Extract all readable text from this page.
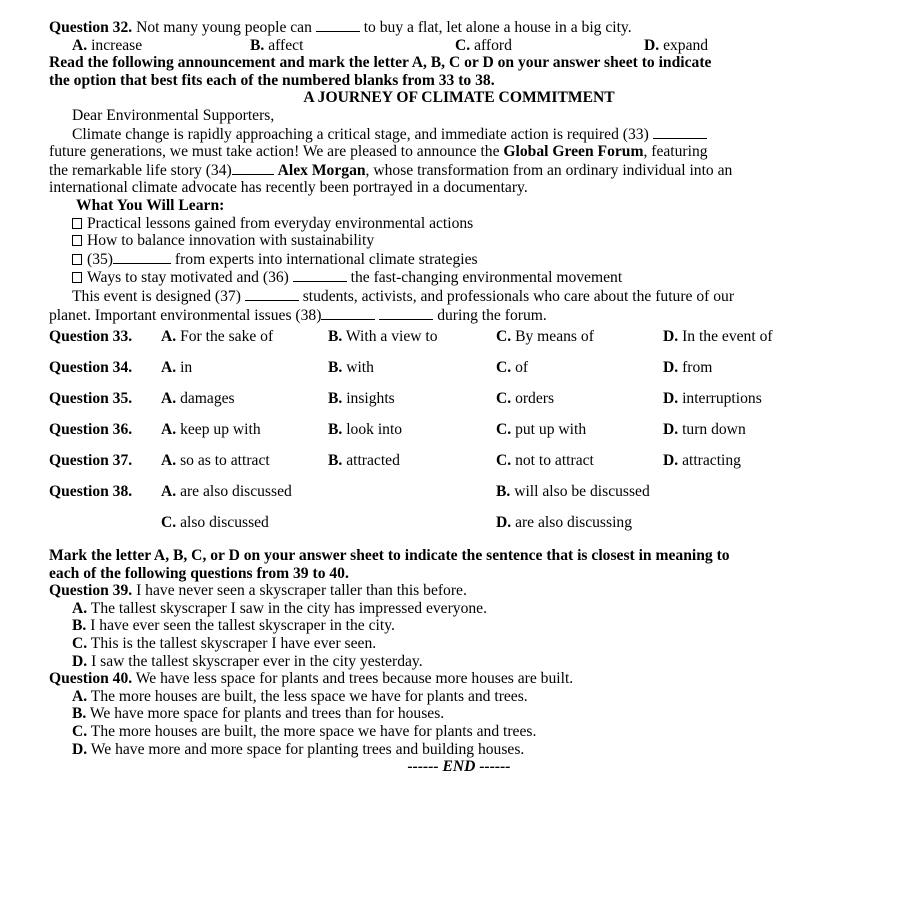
Question 32. Not many young people can	to buy a flat, let alone a house in a big city.
A. increase	B. affect	C. afford	D. expand
Read the following announcement and mark the letter A, B, C or D on your answer sheet to indicate
the option that best fits each of the numbered blanks from 33 to 38.
A JOURNEY OF CLIMATE COMMITMENT
Dear Environmental Supporters,
Climate change is rapidly approaching a critical stage, and immediate action is required (33)
future generations, we must take action! We are pleased to announce the Global Green Forum, featuring
the remarkable life story (34)	Alex Morgan, whose transformation from an ordinary individual into an
international climate advocate has recently been portrayed in a documentary.
What You Will Learn:
Practical lessons gained from everyday environmental actions
How to balance innovation with sustainability
(35)	from experts into international climate strategies
Ways to stay motivated and (36)	the fast-changing environmental movement
This event is designed (37)	students, activists, and professionals who care about the future of our
planet. Important environmental issues (38)	during the forum.
Question 33. A. For the sake of	B. With a view to	C. By means of	D. In the event of
Question 34. A. in	B. with	C. of	D. from
Question 35. A. damages	B. insights	C. orders	D. interruptions
Question 36. A. keep up with	B. look into	C. put up with	D. turn down
Question 37. A. so as to attract	B. attracted	C. not to attract	D. attracting
Question 38. A. are also discussed	B. will also be discussed
C. also discussed	D. are also discussing
Mark the letter A, B, C, or D on your answer sheet to indicate the sentence that is closest in meaning to
each of the following questions from 39 to 40.
Question 39. I have never seen a skyscraper taller than this before.
A. The tallest skyscraper I saw in the city has impressed everyone.
B. I have ever seen the tallest skyscraper in the city.
C. This is the tallest skyscraper I have ever seen.
D. I saw the tallest skyscraper ever in the city yesterday.
Question 40. We have less space for plants and trees because more houses are built.
A. The more houses are built, the less space we have for plants and trees.
B. We have more space for plants and trees than for houses.
C. The more houses are built, the more space we have for plants and trees.
D. We have more and more space for planting trees and building houses.
------ END ------
